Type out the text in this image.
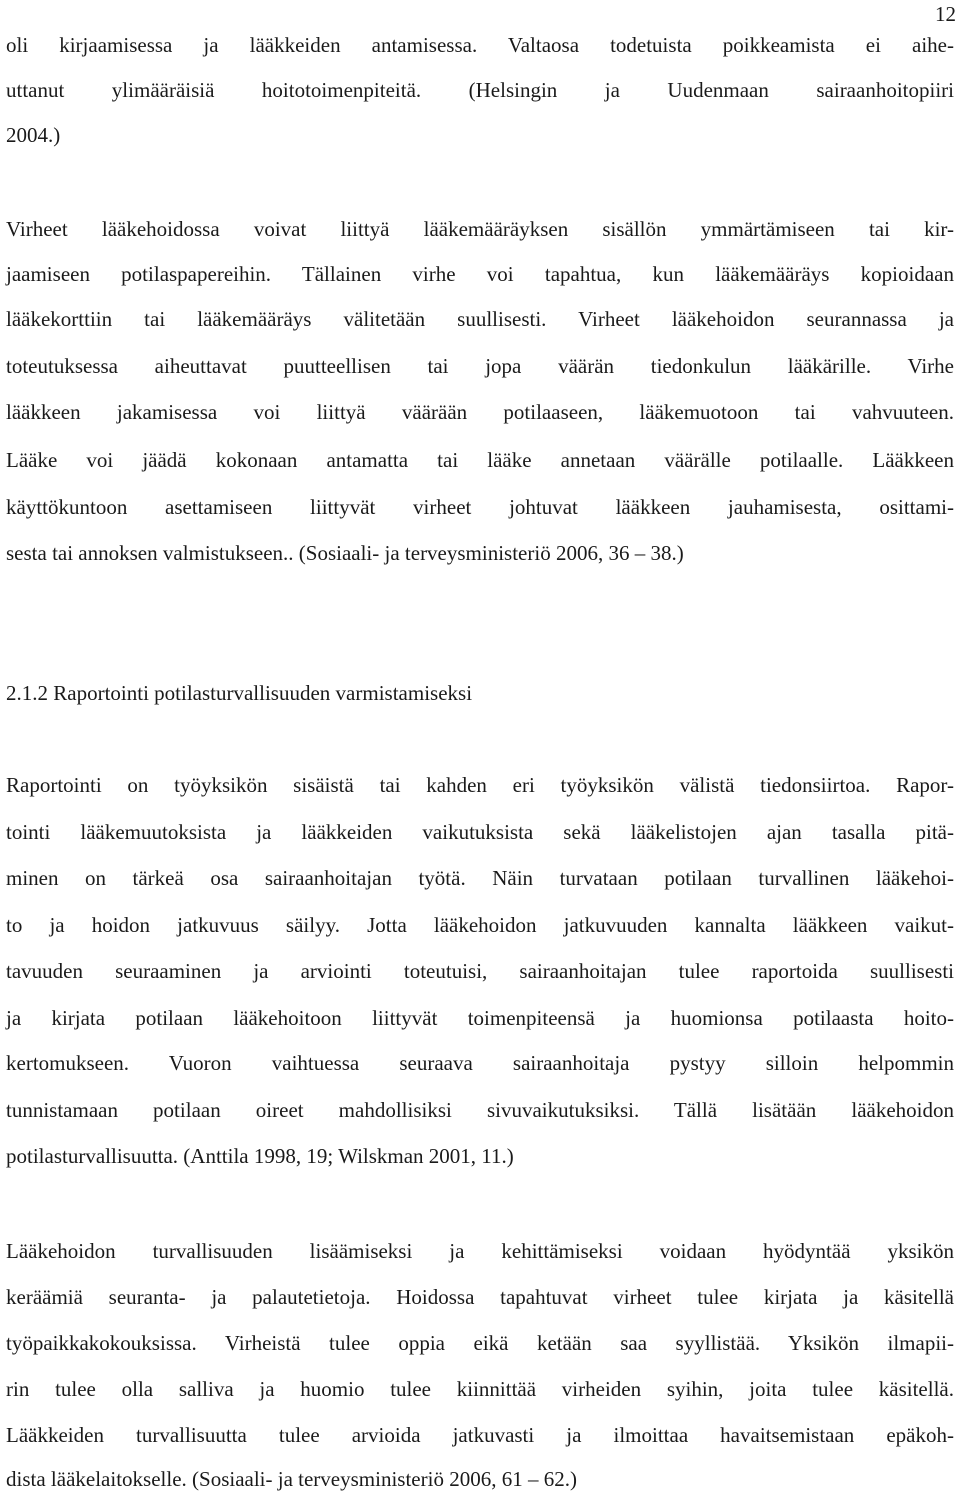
12
oli kirjaamisessa ja lääkkeiden antamisessa. Valtaosa todetuista poikkeamista ei aihe-
uttanut ylimääräisiä hoitotoimenpiteitä. (Helsingin ja Uudenmaan sairaanhoitopiiri
2004.)
Virheet lääkehoidossa voivat liittyä lääkemääräyksen sisällön ymmärtämiseen tai kir-
jaamiseen potilaspapereihin. Tällainen virhe voi tapahtua, kun lääkemääräys kopioidaan
lääkekorttiin tai lääkemääräys välitetään suullisesti. Virheet lääkehoidon seurannassa ja
toteutuksessa aiheuttavat puutteellisen tai jopa väärän tiedonkulun lääkärille. Virhe
lääkkeen jakamisessa voi liittyä väärään potilaaseen, lääkemuotoon tai vahvuuteen.
Lääke voi jäädä kokonaan antamatta tai lääke annetaan väärälle potilaalle. Lääkkeen
käyttökuntoon asettamiseen liittyvät virheet johtuvat lääkkeen jauhamisesta, osittami-
sesta tai annoksen valmistukseen.. (Sosiaali- ja terveysministeriö 2006, 36 – 38.)
2.1.2 Raportointi potilasturvallisuuden varmistamiseksi
Raportointi on työyksikön sisäistä tai kahden eri työyksikön välistä tiedonsiirtoa. Rapor-
tointi lääkemuutoksista ja lääkkeiden vaikutuksista sekä lääkelistojen ajan tasalla pitä-
minen on tärkeä osa sairaanhoitajan työtä. Näin turvataan potilaan turvallinen lääkehoi-
to ja hoidon jatkuvuus säilyy. Jotta lääkehoidon jatkuvuuden kannalta lääkkeen vaikut-
tavuuden seuraaminen ja arviointi toteutuisi, sairaanhoitajan tulee raportoida suullisesti
ja kirjata potilaan lääkehoitoon liittyvät toimenpiteensä ja huomionsa potilaasta hoito-
kertomukseen. Vuoron vaihtuessa seuraava sairaanhoitaja pystyy silloin helpommin
tunnistamaan potilaan oireet mahdollisiksi sivuvaikutuksiksi. Tällä lisätään lääkehoidon
potilasturvallisuutta. (Anttila 1998, 19; Wilskman 2001, 11.)
Lääkehoidon turvallisuuden lisäämiseksi ja kehittämiseksi voidaan hyödyntää yksikön
keräämiä seuranta- ja palautetietoja. Hoidossa tapahtuvat virheet tulee kirjata ja käsitellä
työpaikkakokouksissa. Virheistä tulee oppia eikä ketään saa syyllistää. Yksikön ilmapii-
rin tulee olla salliva ja huomio tulee kiinnittää virheiden syihin, joita tulee käsitellä.
Lääkkeiden turvallisuutta tulee arvioida jatkuvasti ja ilmoittaa havaitsemistaan epäkoh-
dista lääkelaitokselle. (Sosiaali- ja terveysministeriö 2006, 61 – 62.)
